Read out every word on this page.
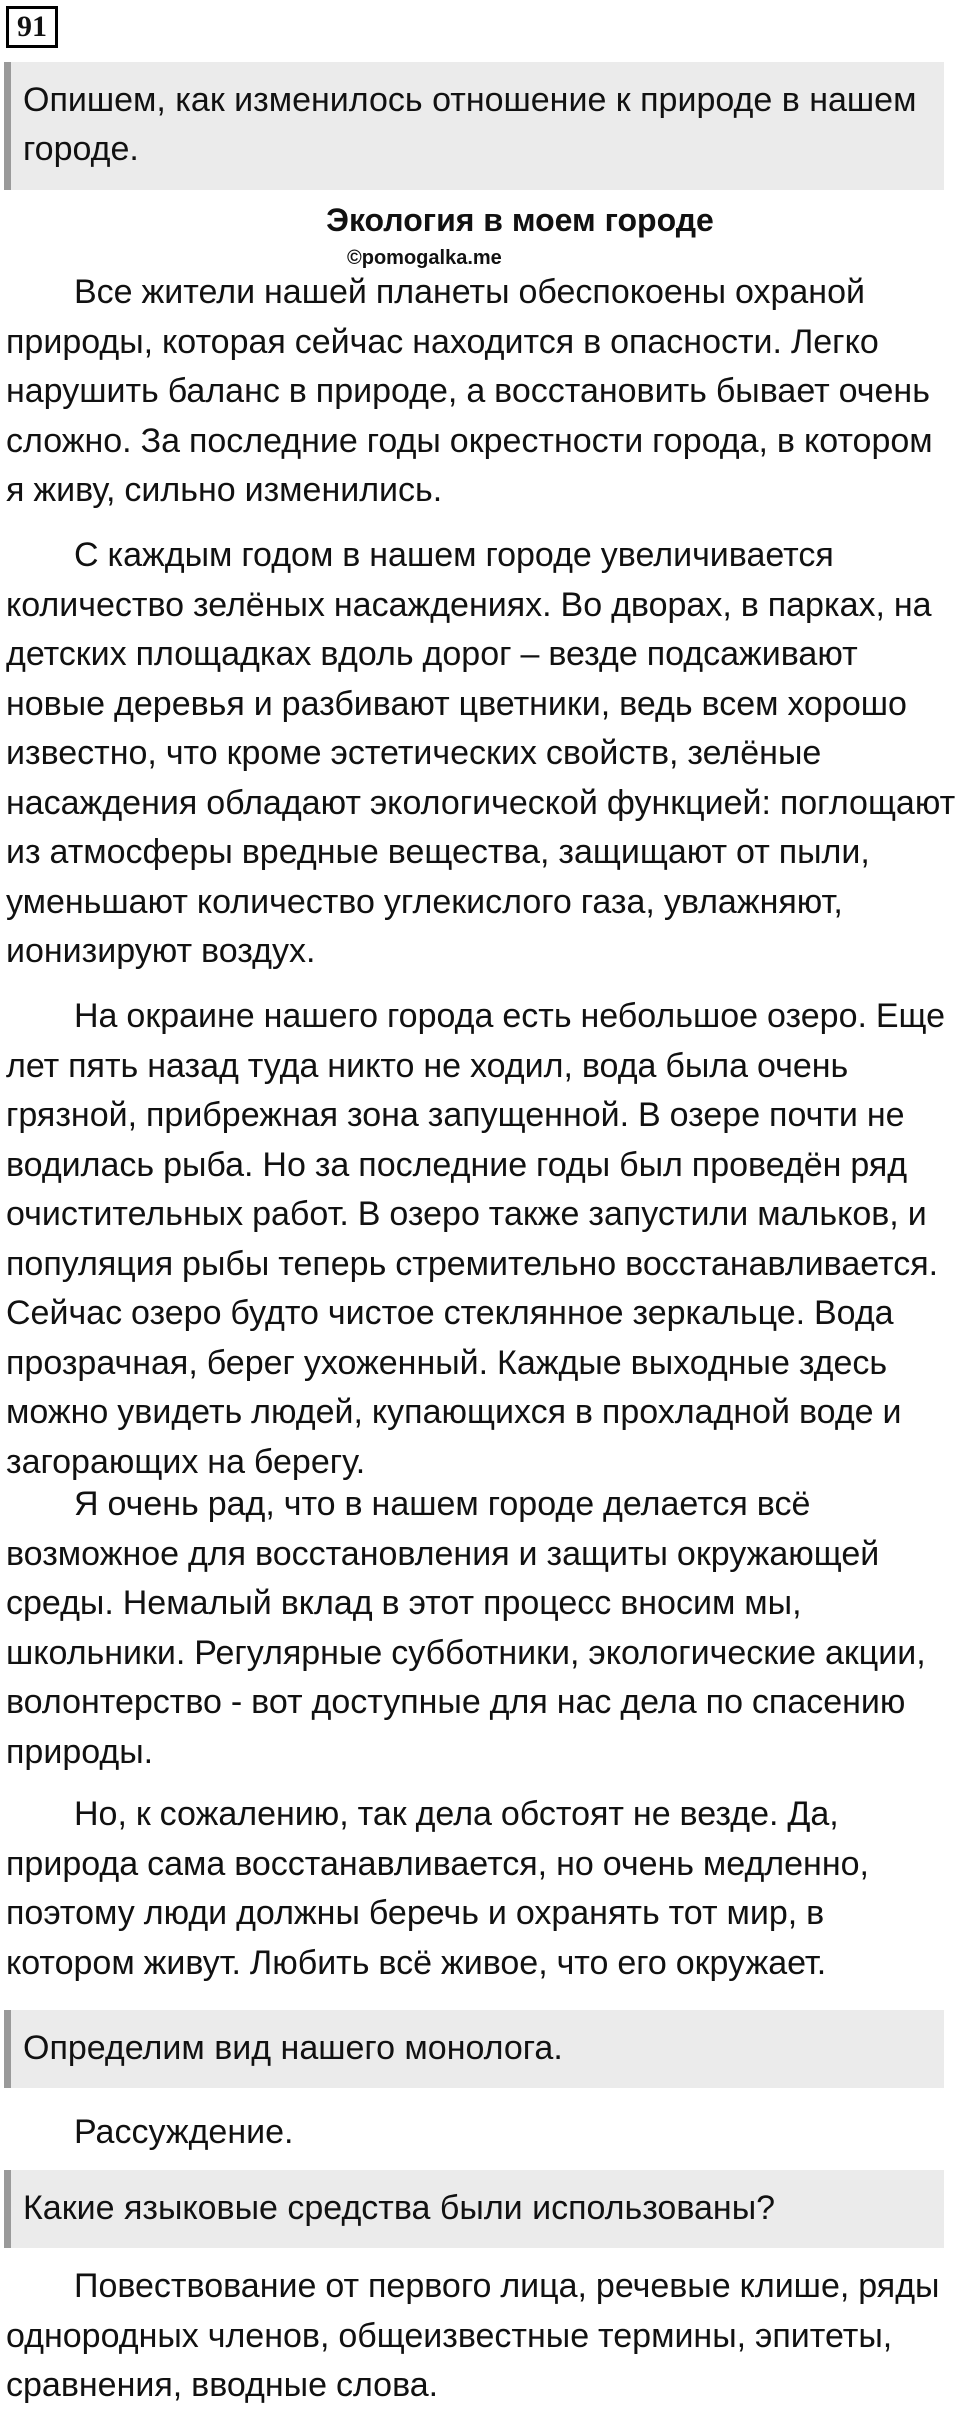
91
Опишем, как изменилось отношение к природе в нашем городе.
Экология в моем городе
©pomogalka.me

Все жители нашей планеты обеспокоены охраной природы, которая сейчас находится в опасности. Легко нарушить баланс в природе, а восстановить бывает очень сложно. За последние годы окрестности города, в котором я живу, сильно изменились.

С каждым годом в нашем городе увеличивается количество зелёных насаждениях. Во дворах, в парках, на детских площадках вдоль дорог – везде подсаживают новые деревья и разбивают цветники, ведь всем хорошо известно, что кроме эстетических свойств, зелёные насаждения обладают экологической функцией: поглощают из атмосферы вредные вещества, защищают от пыли, уменьшают количество углекислого газа, увлажняют, ионизируют воздух.

На окраине нашего города есть небольшое озеро. Еще лет пять назад туда никто не ходил, вода была очень грязной, прибрежная зона запущенной. В озере почти не водилась рыба. Но за последние годы был проведён ряд очистительных работ. В озеро также запустили мальков, и популяция рыбы теперь стремительно восстанавливается. Сейчас озеро будто чистое стеклянное зеркальце. Вода прозрачная, берег ухоженный. Каждые выходные здесь можно увидеть людей, купающихся в прохладной воде и загорающих на берегу.

Я очень рад, что в нашем городе делается всё возможное для восстановления и защиты окружающей среды. Немалый вклад в этот процесс вносим мы, школьники. Регулярные субботники, экологические акции, волонтерство - вот доступные для нас дела по спасению природы.

Но, к сожалению, так дела обстоят не везде. Да, природа сама восстанавливается, но очень медленно, поэтому люди должны беречь и охранять тот мир, в котором живут. Любить всё живое, что его окружает.

Определим вид нашего монолога.
Рассуждение.
Какие языковые средства были использованы?

Повествование от первого лица, речевые клише, ряды однородных членов, общеизвестные термины, эпитеты, сравнения, вводные слова.
